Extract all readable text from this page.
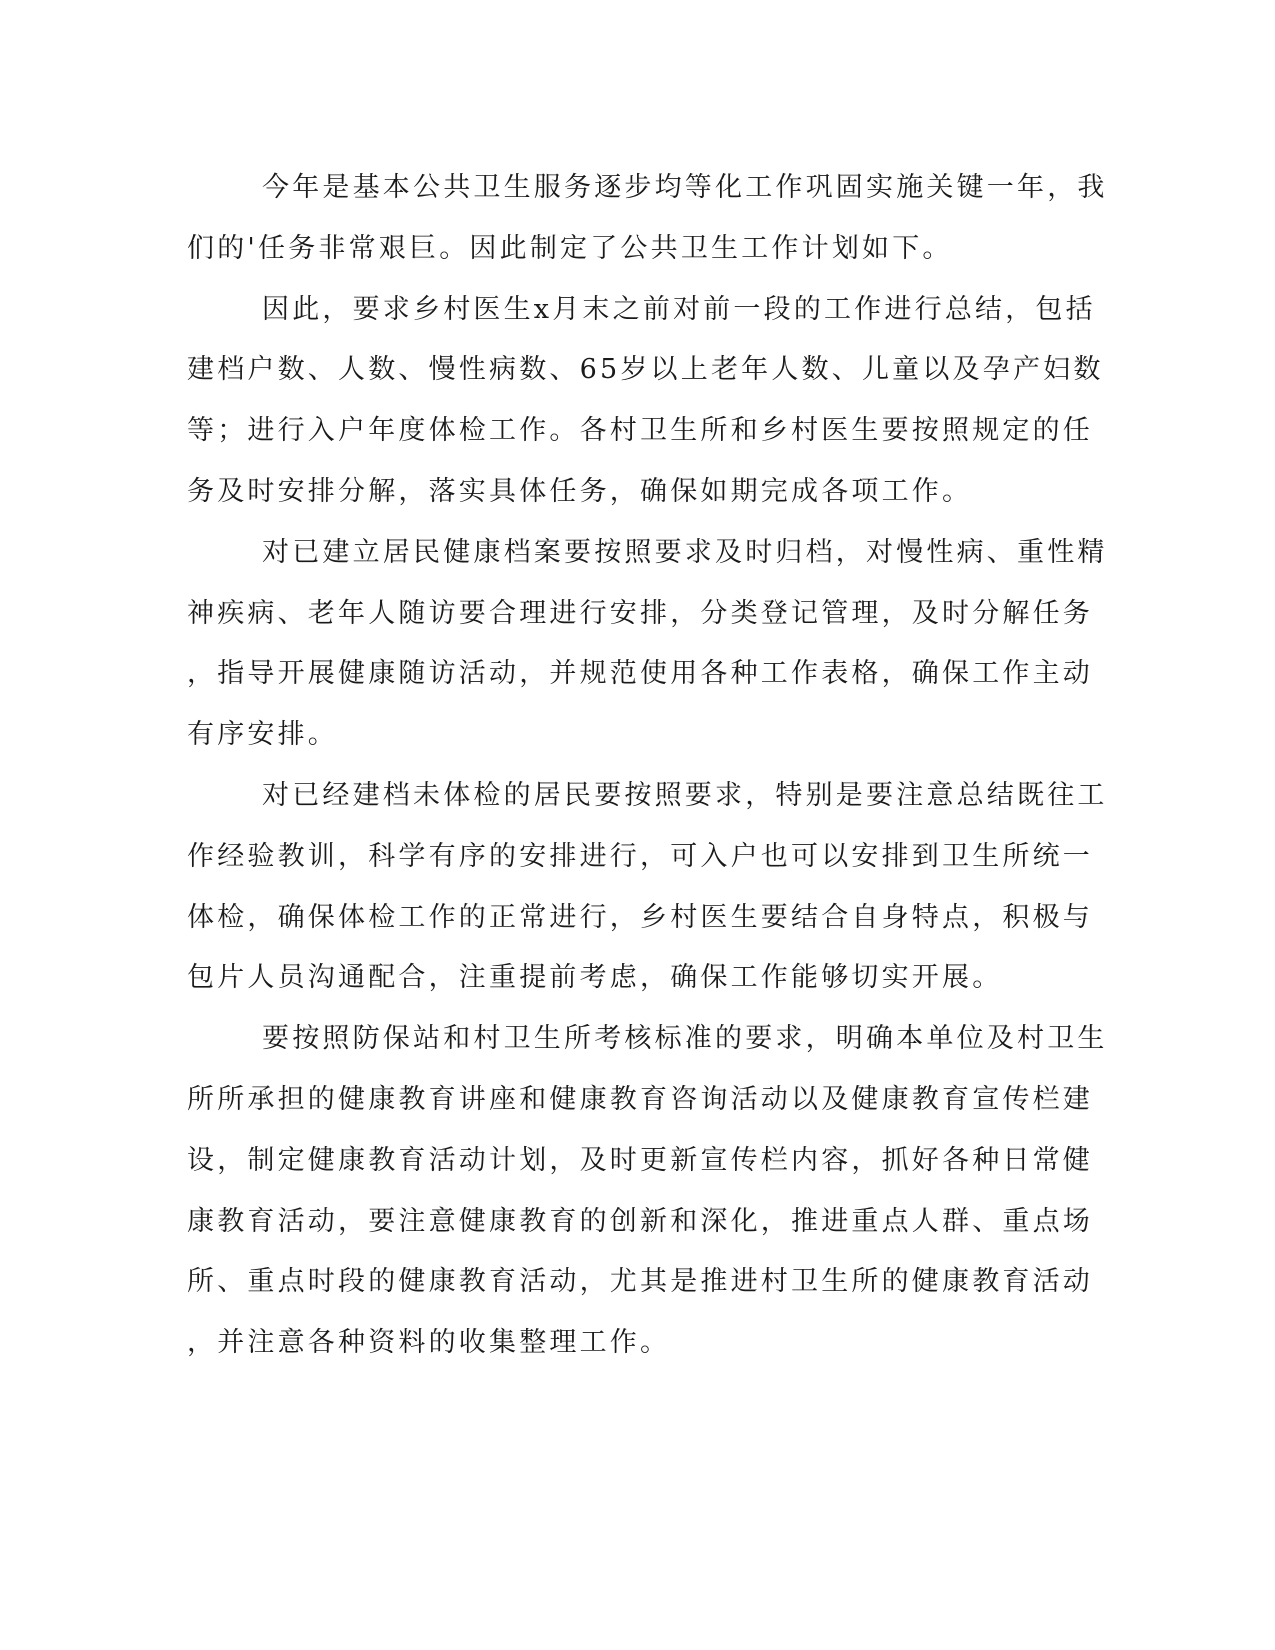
今年是基本公共卫生服务逐步均等化工作巩固实施关键一年，我
们的'任务非常艰巨。因此制定了公共卫生工作计划如下。
因此，要求乡村医生x月末之前对前一段的工作进行总结，包括
建档户数、人数、慢性病数、65岁以上老年人数、儿童以及孕产妇数
等；进行入户年度体检工作。各村卫生所和乡村医生要按照规定的任
务及时安排分解，落实具体任务，确保如期完成各项工作。
对已建立居民健康档案要按照要求及时归档，对慢性病、重性精
神疾病、老年人随访要合理进行安排，分类登记管理，及时分解任务
，指导开展健康随访活动，并规范使用各种工作表格，确保工作主动
有序安排。
对已经建档未体检的居民要按照要求，特别是要注意总结既往工
作经验教训，科学有序的安排进行，可入户也可以安排到卫生所统一
体检，确保体检工作的正常进行，乡村医生要结合自身特点，积极与
包片人员沟通配合，注重提前考虑，确保工作能够切实开展。
要按照防保站和村卫生所考核标准的要求，明确本单位及村卫生
所所承担的健康教育讲座和健康教育咨询活动以及健康教育宣传栏建
设，制定健康教育活动计划，及时更新宣传栏内容，抓好各种日常健
康教育活动，要注意健康教育的创新和深化，推进重点人群、重点场
所、重点时段的健康教育活动，尤其是推进村卫生所的健康教育活动
，并注意各种资料的收集整理工作。
